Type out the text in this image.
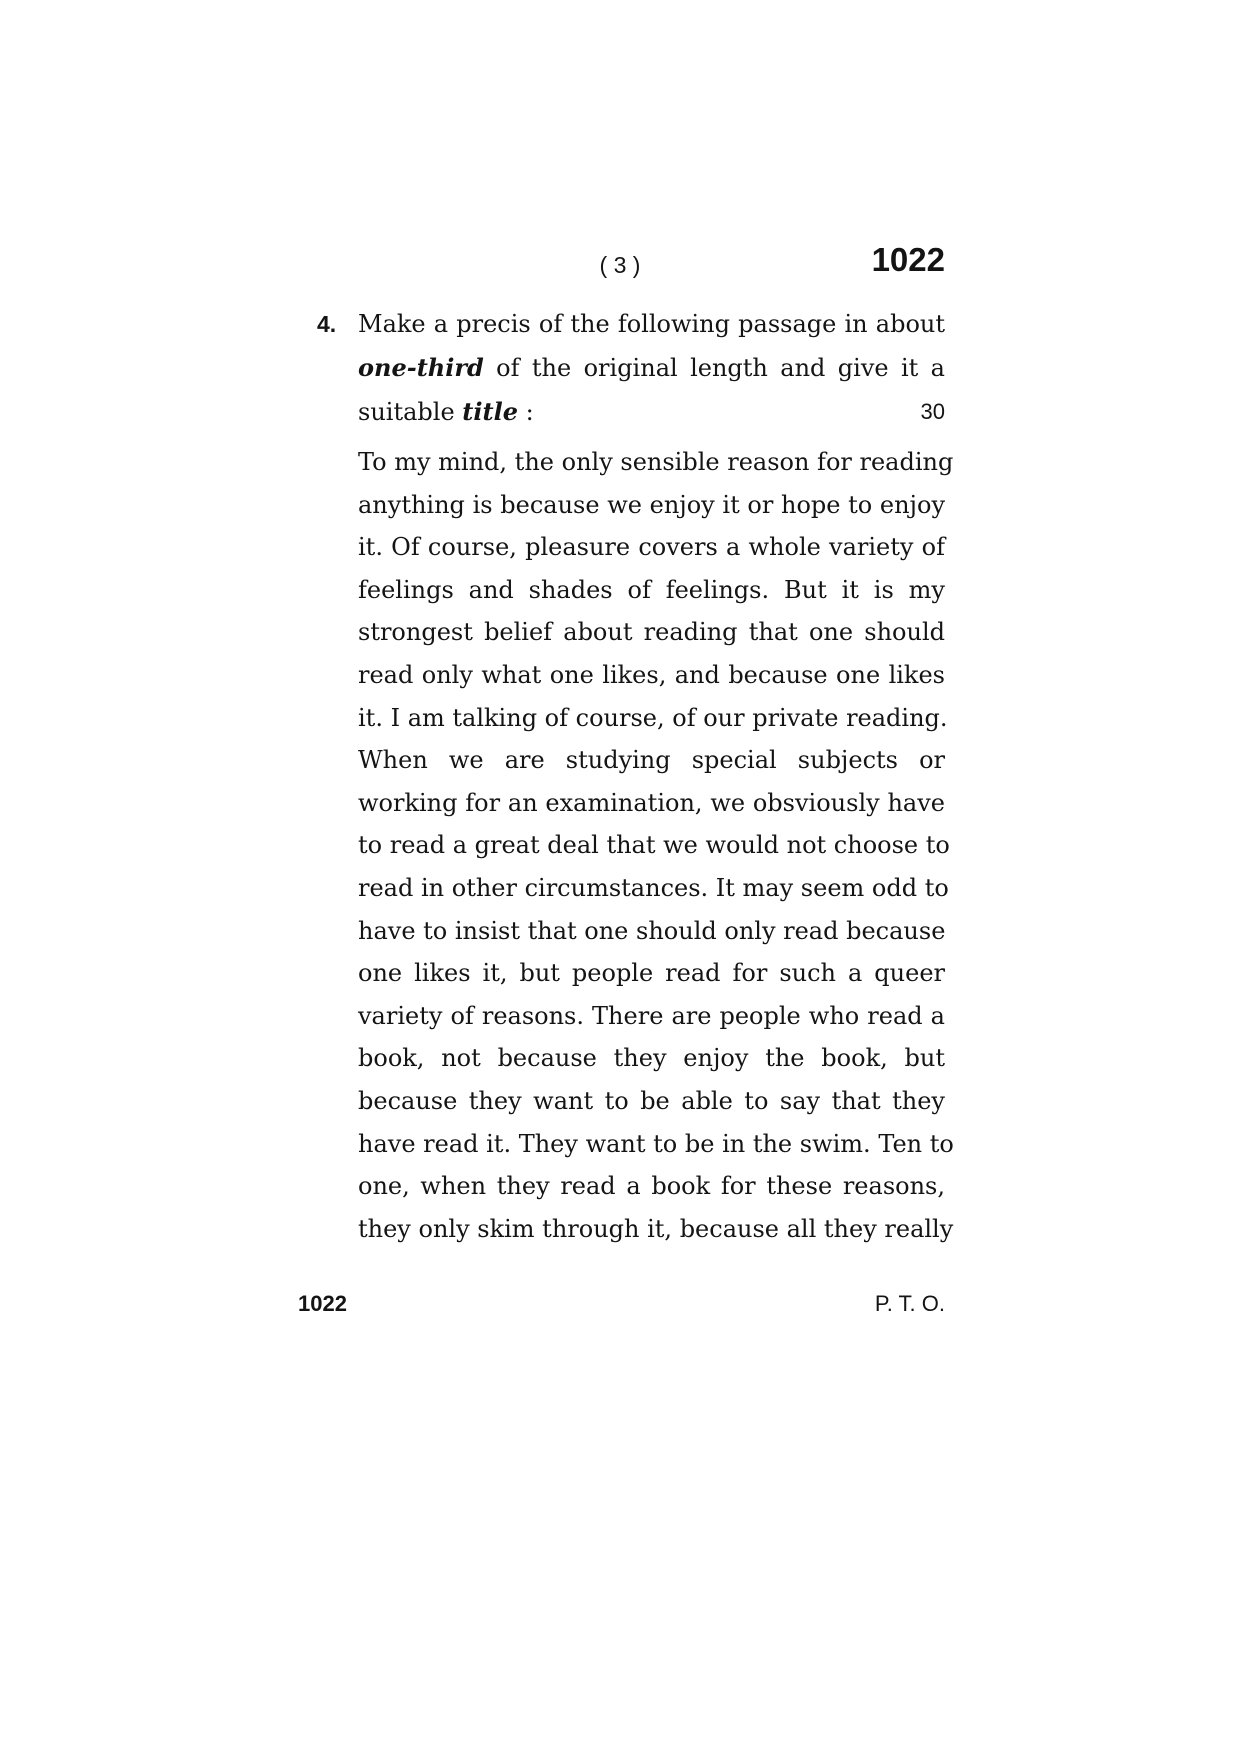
( 3 )	1022
4. Make a precis of the following passage in about
one-third of the original length and give it a
suitable title :	30
To my mind, the only sensible reason for reading
anything is because we enjoy it or hope to enjoy
it. Of course, pleasure covers a whole variety of
feelings and shades of feelings. But it is my
strongest belief about reading that one should
read only what one likes, and because one likes
it. I am talking of course, of our private reading.
When we are studying special subjects or
working for an examination, we obsviously have
to read a great deal that we would not choose to
read in other circumstances. It may seem odd to
have to insist that one should only read because
one likes it, but people read for such a queer
variety of reasons. There are people who read a
book, not because they enjoy the book, but
because they want to be able to say that they
have read it. They want to be in the swim. Ten to
one, when they read a book for these reasons,
they only skim through it, because all they really
1022	P. T. O.
